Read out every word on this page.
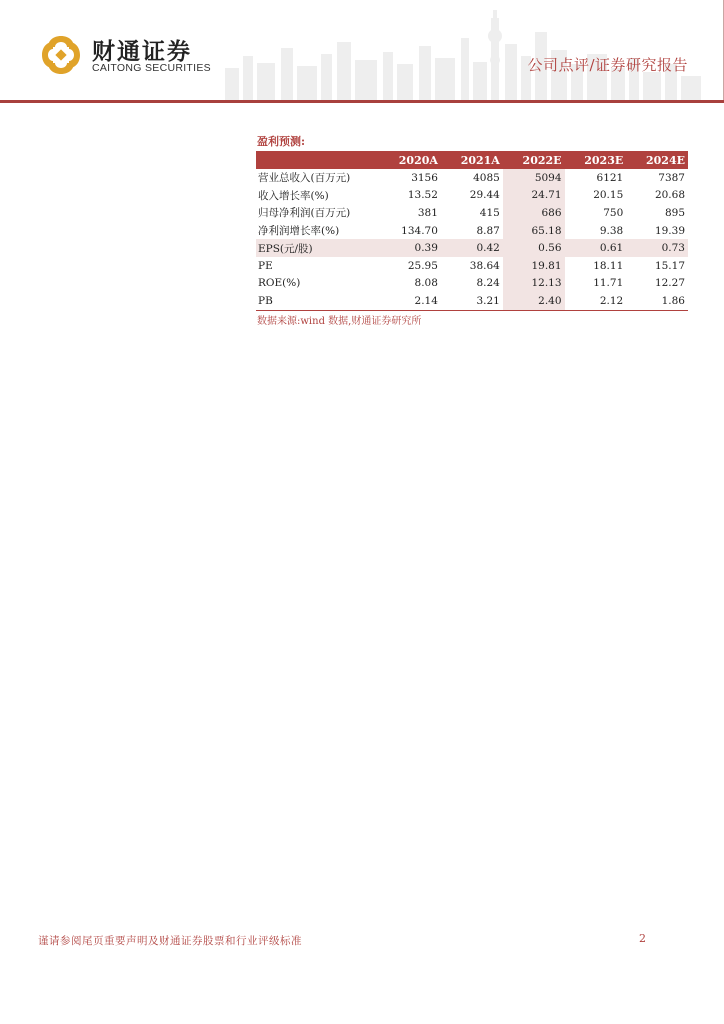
财通证券
CAITONG SECURITIES	公司点评/证券研究报告
盈利预测:
	2020A	2021A	2022E	2023E	2024E
营业总收入(百万元)	3156	4085	5094	6121	7387
收入增长率(%)	13.52	29.44	24.71	20.15	20.68
归母净利润(百万元)	381	415	686	750	895
净利润增长率(%)	134.70	8.87	65.18	9.38	19.39
EPS(元/股)	0.39	0.42	0.56	0.61	0.73
PE	25.95	38.64	19.81	18.11	15.17
ROE(%)	8.08	8.24	12.13	11.71	12.27
PB	2.14	3.21	2.40	2.12	1.86
数据来源:wind 数据,财通证券研究所
谨请参阅尾页重要声明及财通证券股票和行业评级标准	2
